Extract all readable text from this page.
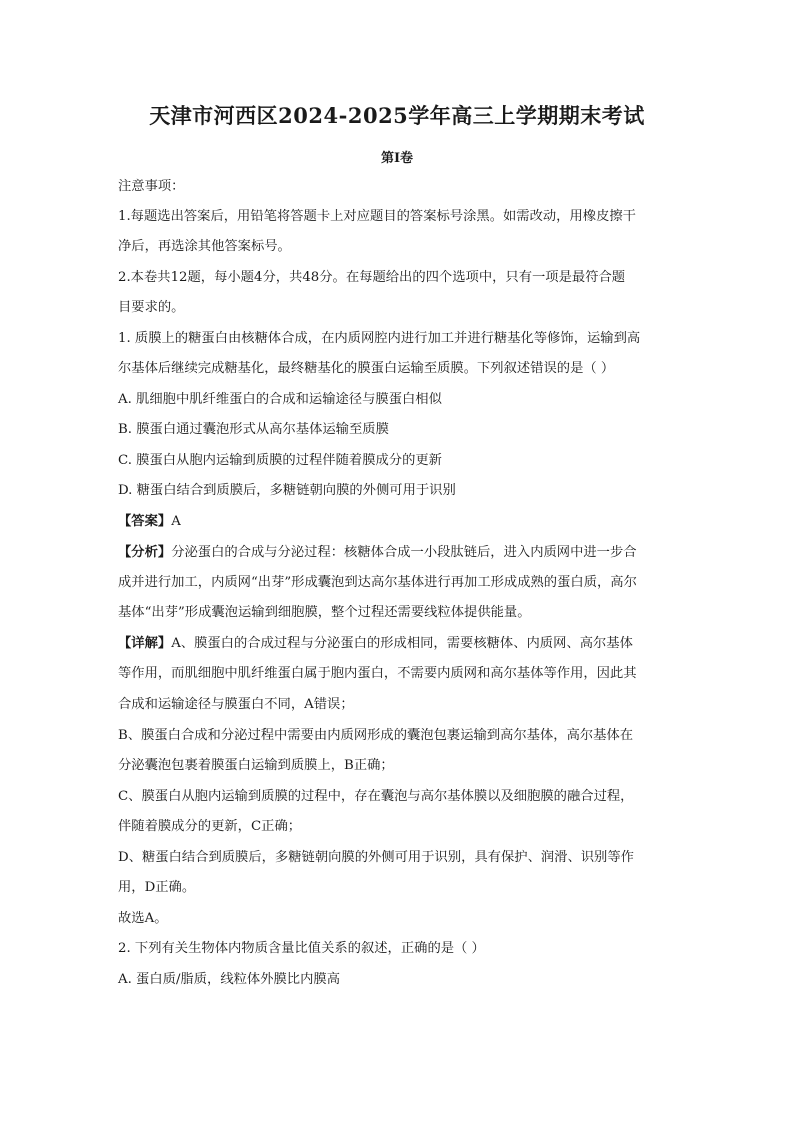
天津市河西区2024-2025学年高三上学期期末考试
第I卷
注意事项：
1.每题选出答案后，用铅笔将答题卡上对应题目的答案标号涂黑。如需改动，用橡皮擦干
净后，再选涂其他答案标号。
2.本卷共12题，每小题4分，共48分。在每题给出的四个选项中，只有一项是最符合题
目要求的。
1. 质膜上的糖蛋白由核糖体合成，在内质网腔内进行加工并进行糖基化等修饰，运输到高
尔基体后继续完成糖基化，最终糖基化的膜蛋白运输至质膜。下列叙述错误的是（ ）
A. 肌细胞中肌纤维蛋白的合成和运输途径与膜蛋白相似
B. 膜蛋白通过囊泡形式从高尔基体运输至质膜
C. 膜蛋白从胞内运输到质膜的过程伴随着膜成分的更新
D. 糖蛋白结合到质膜后，多糖链朝向膜的外侧可用于识别
【答案】A
【分析】分泌蛋白的合成与分泌过程：核糖体合成一小段肽链后，进入内质网中进一步合
成并进行加工，内质网“出芽”形成囊泡到达高尔基体进行再加工形成成熟的蛋白质，高尔
基体“出芽”形成囊泡运输到细胞膜，整个过程还需要线粒体提供能量。
【详解】A、膜蛋白的合成过程与分泌蛋白的形成相同，需要核糖体、内质网、高尔基体
等作用，而肌细胞中肌纤维蛋白属于胞内蛋白，不需要内质网和高尔基体等作用，因此其
合成和运输途径与膜蛋白不同，A错误；
B、膜蛋白合成和分泌过程中需要由内质网形成的囊泡包裹运输到高尔基体，高尔基体在
分泌囊泡包裹着膜蛋白运输到质膜上，B正确；
C、膜蛋白从胞内运输到质膜的过程中，存在囊泡与高尔基体膜以及细胞膜的融合过程，
伴随着膜成分的更新，C正确；
D、糖蛋白结合到质膜后，多糖链朝向膜的外侧可用于识别，具有保护、润滑、识别等作
用，D正确。
故选A。
2. 下列有关生物体内物质含量比值关系的叙述，正确的是（ ）
A. 蛋白质/脂质，线粒体外膜比内膜高
